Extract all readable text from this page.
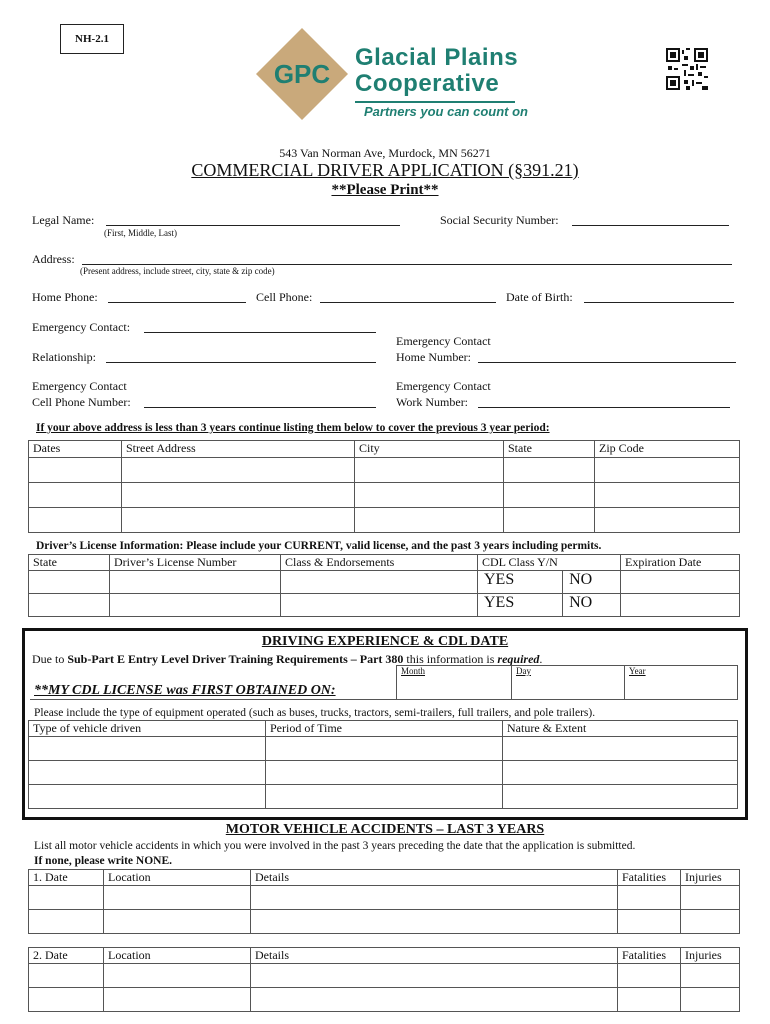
NH-2.1
GPC
Glacial Plains
Cooperative
Partners you can count on
543 Van Norman Ave, Murdock, MN 56271
COMMERCIAL DRIVER APPLICATION (§391.21)
**Please Print**
Legal Name:
(First, Middle, Last)
Social Security Number:
Address:
(Present address, include street, city, state & zip code)
Home Phone:	Cell Phone:	Date of Birth:
Emergency Contact:
Emergency Contact
Home Number:
Relationship:
Emergency Contact
Cell Phone Number:
Emergency Contact
Work Number:
If your above address is less than 3 years continue listing them below to cover the previous 3 year period:
Dates	Street Address	City	State	Zip Code

Driver’s License Information: Please include your CURRENT, valid license, and the past 3 years including permits.
State	Driver’s License Number	Class & Endorsements	CDL Class Y/N		Expiration Date
			YES	NO	
			YES	NO	
DRIVING EXPERIENCE & CDL DATE
Due to Sub-Part E Entry Level Driver Training Requirements – Part 380 this information is required.
**MY CDL LICENSE was FIRST OBTAINED ON:	Month	Day	Year
Please include the type of equipment operated (such as buses, trucks, tractors, semi-trailers, full trailers, and pole trailers).
Type of vehicle driven	Period of Time	Nature & Extent

MOTOR VEHICLE ACCIDENTS – LAST 3 YEARS
List all motor vehicle accidents in which you were involved in the past 3 years preceding the date that the application is submitted.
If none, please write NONE.
1. Date	Location	Details	Fatalities	Injuries

2. Date	Location	Details	Fatalities	Injuries
